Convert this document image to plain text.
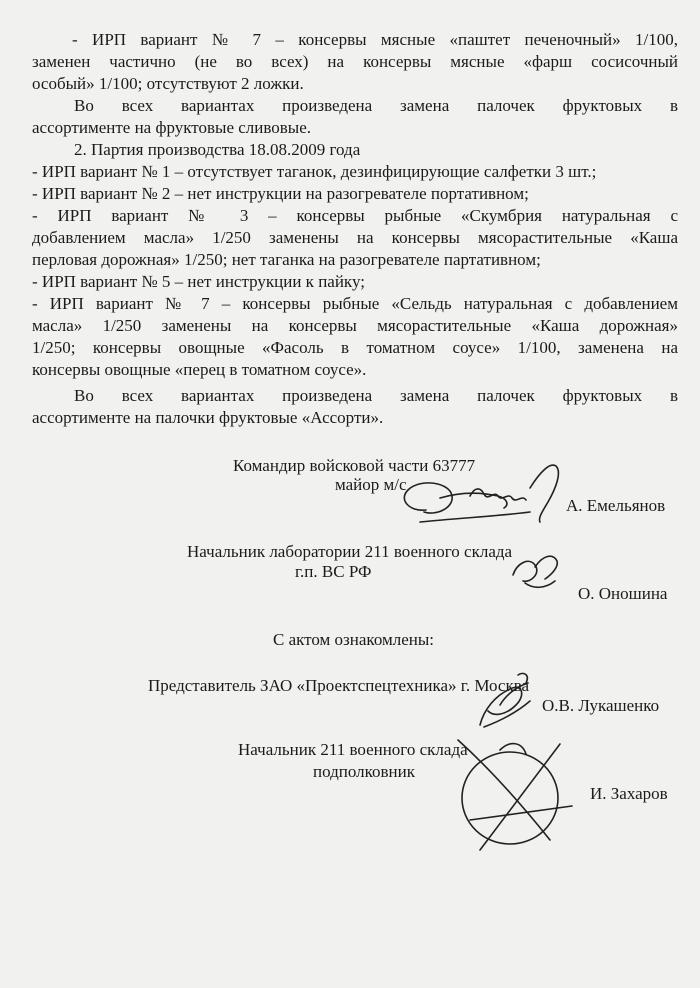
- ИРП вариант № 7 – консервы мясные «паштет печеночный» 1/100,
заменен частично (не во всех) на консервы мясные «фарш сосисочный
особый» 1/100; отсутствуют 2 ложки.
Во всех вариантах произведена замена палочек фруктовых в
ассортименте на фруктовые сливовые.
2. Партия производства 18.08.2009 года
- ИРП вариант № 1 – отсутствует таганок, дезинфицирующие салфетки 3 шт.;
- ИРП вариант № 2 – нет инструкции на разогревателе портативном;
- ИРП вариант № 3 – консервы рыбные «Скумбрия натуральная с
добавлением масла» 1/250 заменены на консервы мясорастительные «Каша
перловая дорожная» 1/250; нет таганка на разогревателе партативном;
- ИРП вариант № 5 – нет инструкции к пайку;
- ИРП вариант № 7 – консервы рыбные «Сельдь натуральная с добавлением
масла» 1/250 заменены на консервы мясорастительные «Каша дорожная»
1/250; консервы овощные «Фасоль в томатном соусе» 1/100, заменена на
консервы овощные «перец в томатном соусе».
Во всех вариантах произведена замена палочек фруктовых в
ассортименте на палочки фруктовые «Ассорти».
Командир войсковой части 63777
майор м/с
А. Емельянов
Начальник лаборатории 211 военного склада
г.п. ВС РФ
О. Оношина
С актом ознакомлены:
Представитель ЗАО «Проектспецтехника» г. Москва
О.В. Лукашенко
Начальник 211 военного склада
подполковник
И. Захаров
